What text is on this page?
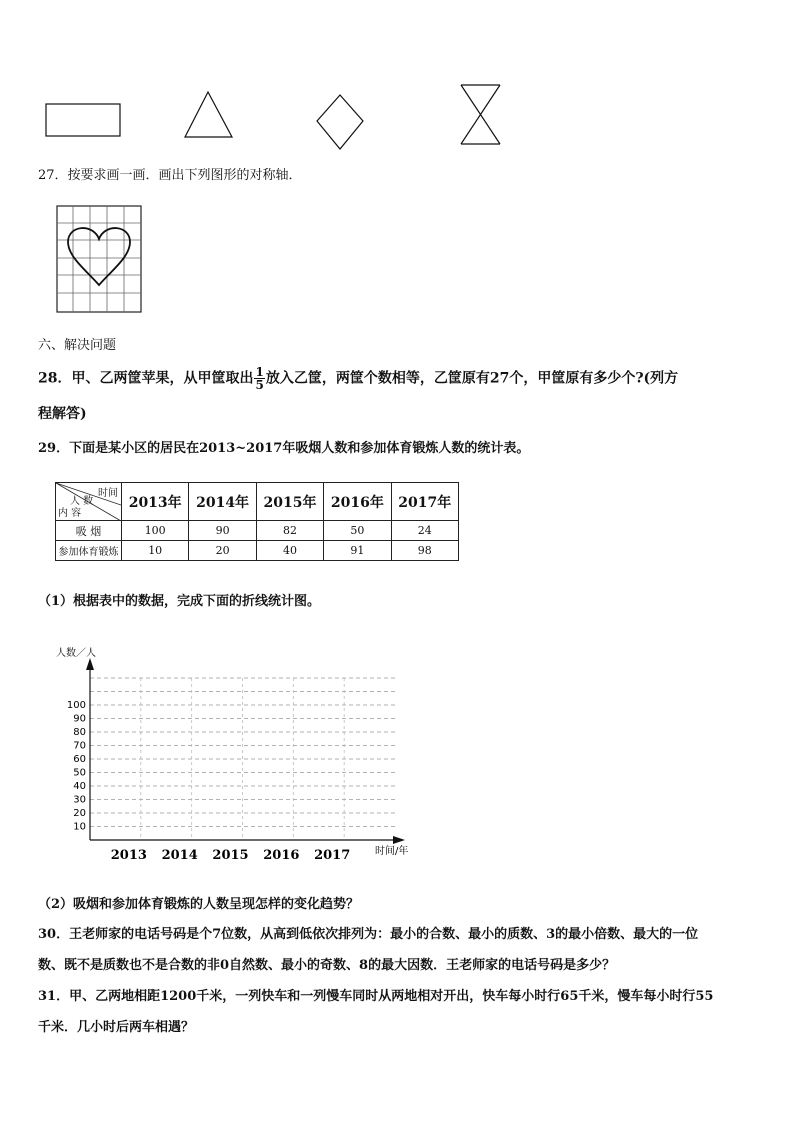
27．按要求画一画．画出下列图形的对称轴．
六、解决问题
28．甲、乙两筐苹果，从甲筐取出 $\frac{1}{5}$ 放入乙筐，两筐个数相等，乙筐原有27个，甲筐原有多少个?(列方
程解答)
29．下面是某小区的居民在2013~2017年吸烟人数和参加体育锻炼人数的统计表。
时间
人 数
内 容	2013年	2014年	2015年	2016年	2017年
吸 烟	100	90	82	50	24
参加体育锻炼	10	20	40	91	98
（1）根据表中的数据，完成下面的折线统计图。
人数／人
时间/年
10
20
30
40
50
60
70
80
90
100
2013 2014 2015 2016 2017
（2）吸烟和参加体育锻炼的人数呈现怎样的变化趋势？
30．王老师家的电话号码是个7位数，从高到低依次排列为：最小的合数、最小的质数、3的最小倍数、最大的一位
数、既不是质数也不是合数的非0自然数、最小的奇数、8的最大因数．王老师家的电话号码是多少？
31．甲、乙两地相距1200千米，一列快车和一列慢车同时从两地相对开出，快车每小时行65千米，慢车每小时行55
千米．几小时后两车相遇？
